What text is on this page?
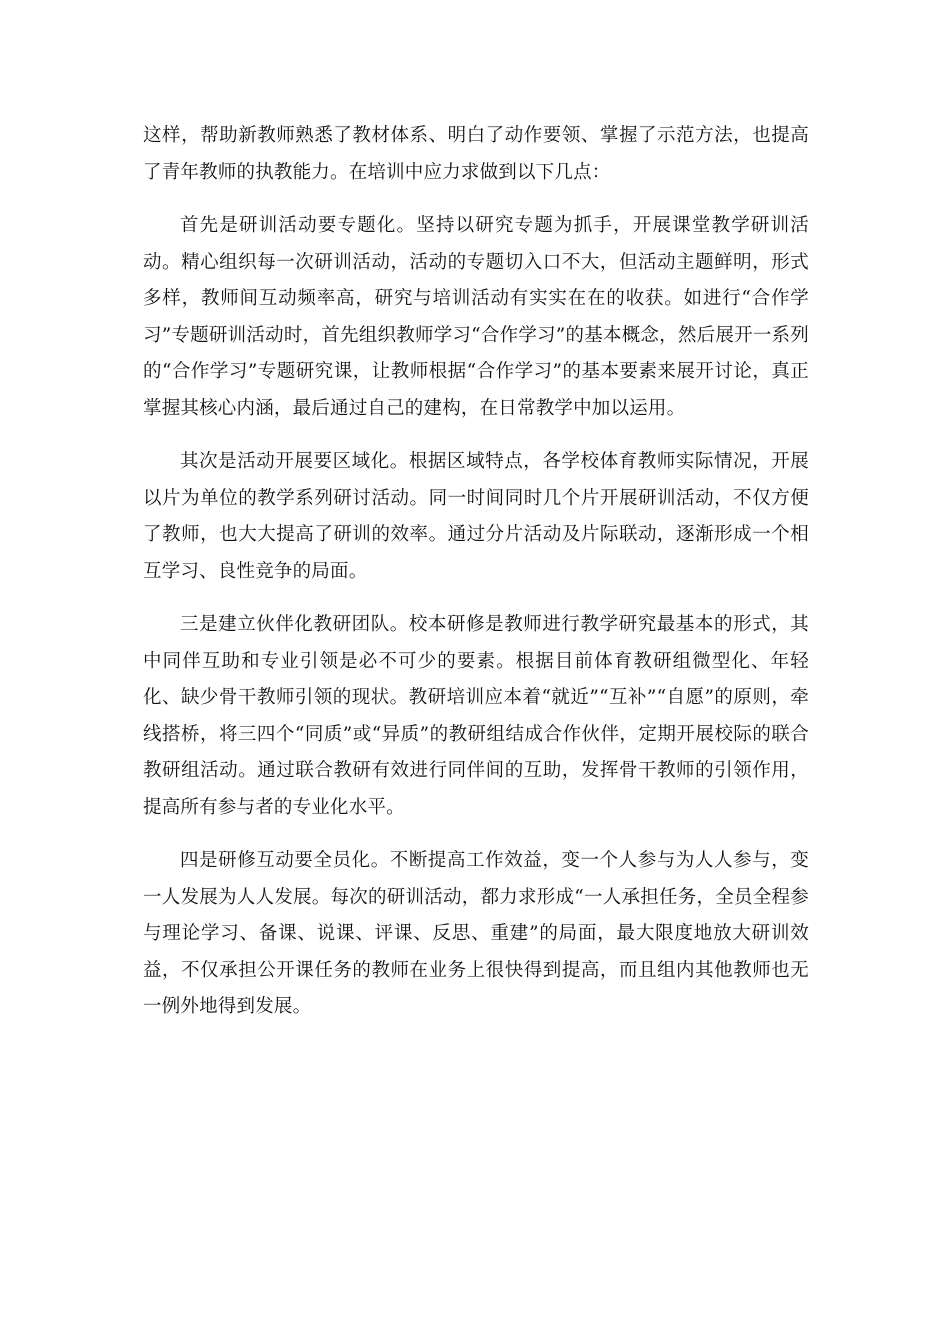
这样，帮助新教师熟悉了教材体系、明白了动作要领、掌握了示范方法，也提高了青年教师的执教能力。在培训中应力求做到以下几点：

首先是研训活动要专题化。坚持以研究专题为抓手，开展课堂教学研训活动。精心组织每一次研训活动，活动的专题切入口不大，但活动主题鲜明，形式多样，教师间互动频率高，研究与培训活动有实实在在的收获。如进行“合作学习”专题研训活动时，首先组织教师学习“合作学习”的基本概念，然后展开一系列的“合作学习”专题研究课，让教师根据“合作学习”的基本要素来展开讨论，真正掌握其核心内涵，最后通过自己的建构，在日常教学中加以运用。

其次是活动开展要区域化。根据区域特点，各学校体育教师实际情况，开展以片为单位的教学系列研讨活动。同一时间同时几个片开展研训活动，不仅方便了教师，也大大提高了研训的效率。通过分片活动及片际联动，逐渐形成一个相互学习、良性竞争的局面。

三是建立伙伴化教研团队。校本研修是教师进行教学研究最基本的形式，其中同伴互助和专业引领是必不可少的要素。根据目前体育教研组微型化、年轻化、缺少骨干教师引领的现状。教研培训应本着“就近”“互补”“自愿”的原则，牵线搭桥，将三四个“同质”或“异质”的教研组结成合作伙伴，定期开展校际的联合教研组活动。通过联合教研有效进行同伴间的互助，发挥骨干教师的引领作用，提高所有参与者的专业化水平。

四是研修互动要全员化。不断提高工作效益，变一个人参与为人人参与，变一人发展为人人发展。每次的研训活动，都力求形成“一人承担任务，全员全程参与理论学习、备课、说课、评课、反思、重建”的局面，最大限度地放大研训效益，不仅承担公开课任务的教师在业务上很快得到提高，而且组内其他教师也无一例外地得到发展。
